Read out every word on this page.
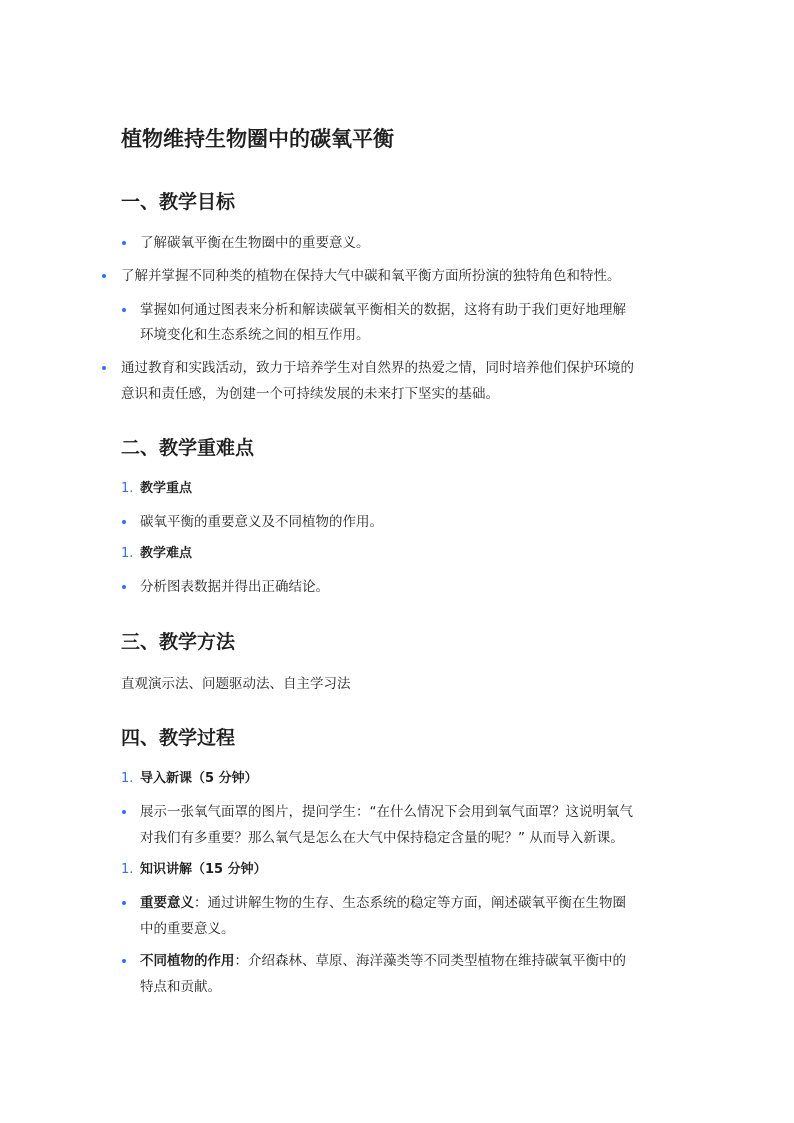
植物维持生物圈中的碳氧平衡
一、教学目标

了解碳氧平衡在生物圈中的重要意义。

了解并掌握不同种类的植物在保持大气中碳和氧平衡方面所扮演的独特角色和特性。

掌握如何通过图表来分析和解读碳氧平衡相关的数据，这将有助于我们更好地理解

环境变化和生态系统之间的相互作用。

通过教育和实践活动，致力于培养学生对自然界的热爱之情，同时培养他们保护环境的

意识和责任感，为创建一个可持续发展的未来打下坚实的基础。

二、教学重难点
1. 教学重点

碳氧平衡的重要意义及不同植物的作用。

1. 教学难点

分析图表数据并得出正确结论。

三、教学方法

直观演示法、问题驱动法、自主学习法

四、教学过程
1. 导入新课（5 分钟）

展示一张氧气面罩的图片，提问学生：“在什么情况下会用到氧气面罩？这说明氧气

对我们有多重要？那么氧气是怎么在大气中保持稳定含量的呢？” 从而导入新课。

1. 知识讲解（15 分钟）

重要意义：通过讲解生物的生存、生态系统的稳定等方面，阐述碳氧平衡在生物圈

中的重要意义。

不同植物的作用：介绍森林、草原、海洋藻类等不同类型植物在维持碳氧平衡中的

特点和贡献。
